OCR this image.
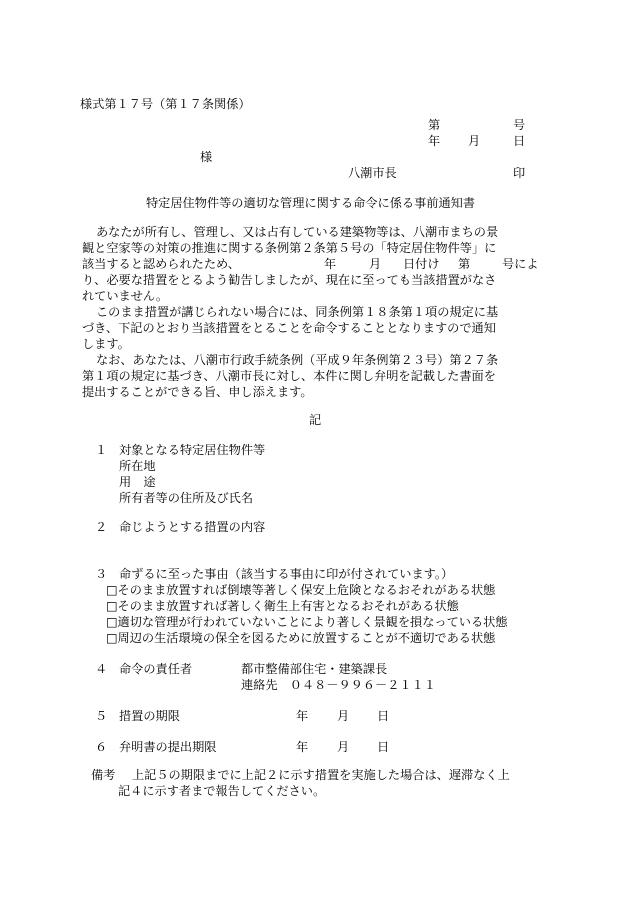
様式第１７号（第１７条関係）
第	号
年 月	日
様
八潮市長	印
特定居住物件等の適切な管理に関する命令に係る事前通知書
あなたが所有し、管理し、又は占有している建築物等は、八潮市まちの景
観と空家等の対策の推進に関する条例第２条第５号の「特定居住物件等」に
該当すると認められたため、	年	月 日付け 第	号によ
り、必要な措置をとるよう勧告しましたが、現在に至っても当該措置がなさ
れていません。
このまま措置が講じられない場合には、同条例第１８条第１項の規定に基
づき、下記のとおり当該措置をとることを命令することとなりますので通知
します。
なお、あなたは、八潮市行政手続条例（平成９年条例第２３号）第２７条
第１項の規定に基づき、八潮市長に対し、本件に関し弁明を記載した書面を
提出することができる旨、申し添えます。
記
１ 対象となる特定居住物件等
所在地
用　途
所有者等の住所及び氏名
２ 命じようとする措置の内容
３ 命ずるに至った事由（該当する事由に印が付されています。）
□そのまま放置すれば倒壊等著しく保安上危険となるおそれがある状態
□そのまま放置すれば著しく衛生上有害となるおそれがある状態
□適切な管理が行われていないことにより著しく景観を損なっている状態
□周辺の生活環境の保全を図るために放置することが不適切である状態
４ 命令の責任者	都市整備部住宅・建築課長
連絡先　０４８－９９６－２１１１
５ 措置の期限	年 月 日
６ 弁明書の提出期限	年 月 日
備考 上記５の期限までに上記２に示す措置を実施した場合は、遅滞なく上
記４に示す者まで報告してください。
